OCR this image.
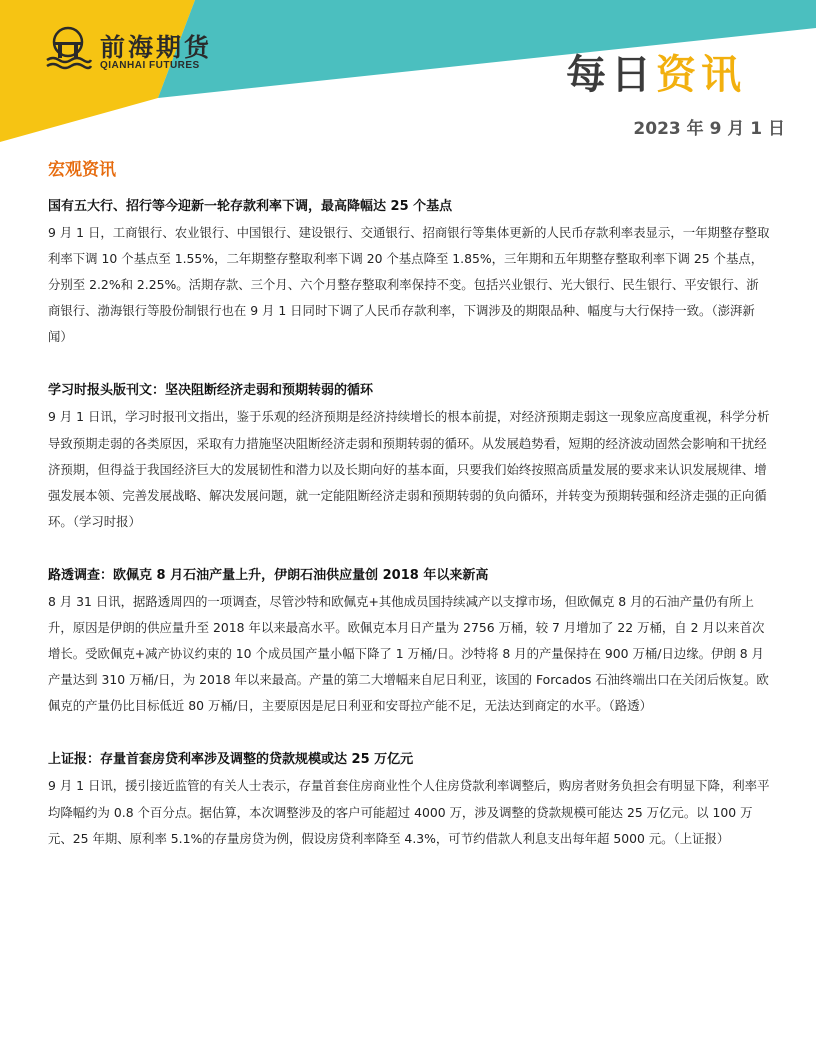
前海期货
QIANHAI FUTURES	每日资讯
2023 年 9 月 1 日
宏观资讯

国有五大行、招行等今迎新一轮存款利率下调，最高降幅达 25 个基点

9 月 1 日，工商银行、农业银行、中国银行、建设银行、交通银行、招商银行等集体更新的人民币存款利率表显示，一年期整存整取利率下调 10 个基点至 1.55%，二年期整存整取利率下调 20 个基点降至 1.85%，三年期和五年期整存整取利率下调 25 个基点，分别至 2.2%和 2.25%。活期存款、三个月、六个月整存整取利率保持不变。包括兴业银行、光大银行、民生银行、平安银行、浙商银行、渤海银行等股份制银行也在 9 月 1 日同时下调了人民币存款利率，下调涉及的期限品种、幅度与大行保持一致。（澎湃新闻）

学习时报头版刊文：坚决阻断经济走弱和预期转弱的循环

9 月 1 日讯，学习时报刊文指出，鉴于乐观的经济预期是经济持续增长的根本前提，对经济预期走弱这一现象应高度重视，科学分析导致预期走弱的各类原因，采取有力措施坚决阻断经济走弱和预期转弱的循环。从发展趋势看，短期的经济波动固然会影响和干扰经济预期，但得益于我国经济巨大的发展韧性和潜力以及长期向好的基本面，只要我们始终按照高质量发展的要求来认识发展规律、增强发展本领、完善发展战略、解决发展问题，就一定能阻断经济走弱和预期转弱的负向循环，并转变为预期转强和经济走强的正向循环。（学习时报）

路透调查：欧佩克 8 月石油产量上升，伊朗石油供应量创 2018 年以来新高

8 月 31 日讯，据路透周四的一项调查，尽管沙特和欧佩克+其他成员国持续减产以支撑市场，但欧佩克 8 月的石油产量仍有所上升，原因是伊朗的供应量升至 2018 年以来最高水平。欧佩克本月日产量为 2756 万桶，较 7 月增加了 22 万桶，自 2 月以来首次增长。受欧佩克+减产协议约束的 10 个成员国产量小幅下降了 1 万桶/日。沙特将 8 月的产量保持在 900 万桶/日边缘。伊朗 8 月产量达到 310 万桶/日，为 2018 年以来最高。产量的第二大增幅来自尼日利亚，该国的 Forcados 石油终端出口在关闭后恢复。欧佩克的产量仍比目标低近 80 万桶/日，主要原因是尼日利亚和安哥拉产能不足，无法达到商定的水平。（路透）

上证报：存量首套房贷利率涉及调整的贷款规模或达 25 万亿元

9 月 1 日讯，援引接近监管的有关人士表示，存量首套住房商业性个人住房贷款利率调整后，购房者财务负担会有明显下降，利率平均降幅约为 0.8 个百分点。据估算，本次调整涉及的客户可能超过 4000 万，涉及调整的贷款规模可能达 25 万亿元。以 100 万元、25 年期、原利率 5.1%的存量房贷为例，假设房贷利率降至 4.3%，可节约借款人利息支出每年超 5000 元。（上证报）
